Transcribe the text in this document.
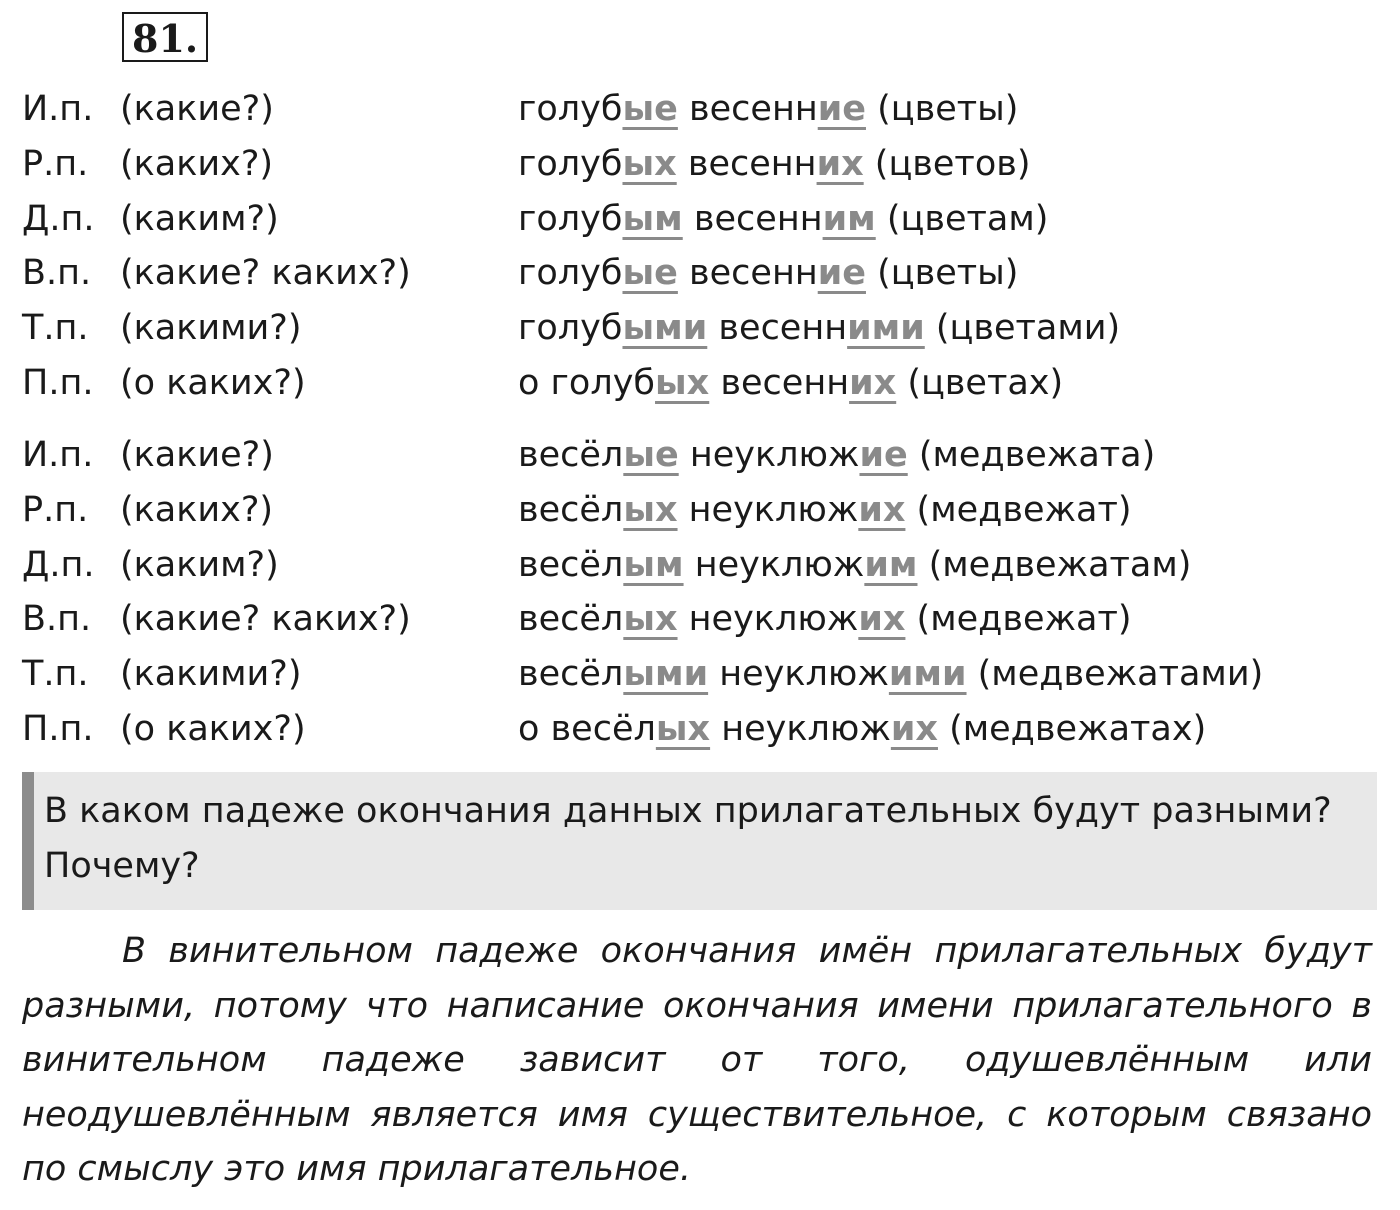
81.
И.п. (какие?)	голубые весенние (цветы)
Р.п. (каких?)	голубых весенних (цветов)
Д.п. (каким?)	голубым весенним (цветам)
В.п. (какие? каких?)	голубые весенние (цветы)
Т.п. (какими?)	голубыми весенними (цветами)
П.п. (о каких?)	о голубых весенних (цветах)
И.п. (какие?)	весёлые неуклюжие (медвежата)
Р.п. (каких?)	весёлых неуклюжих (медвежат)
Д.п. (каким?)	весёлым неуклюжим (медвежатам)
В.п. (какие? каких?)	весёлых неуклюжих (медвежат)
Т.п. (какими?)	весёлыми неуклюжими (медвежатами)
П.п. (о каких?)	о весёлых неуклюжих (медвежатах)
В каком падеже окончания данных прилагательных будут разными?
Почему?

В винительном падеже окончания имён прилагательных будут разными, потому что написание окончания имени прилагательного в винительном падеже зависит от того, одушевлённым или неодушевлённым является имя существительное, с которым связано по смыслу это имя прилагательное.
